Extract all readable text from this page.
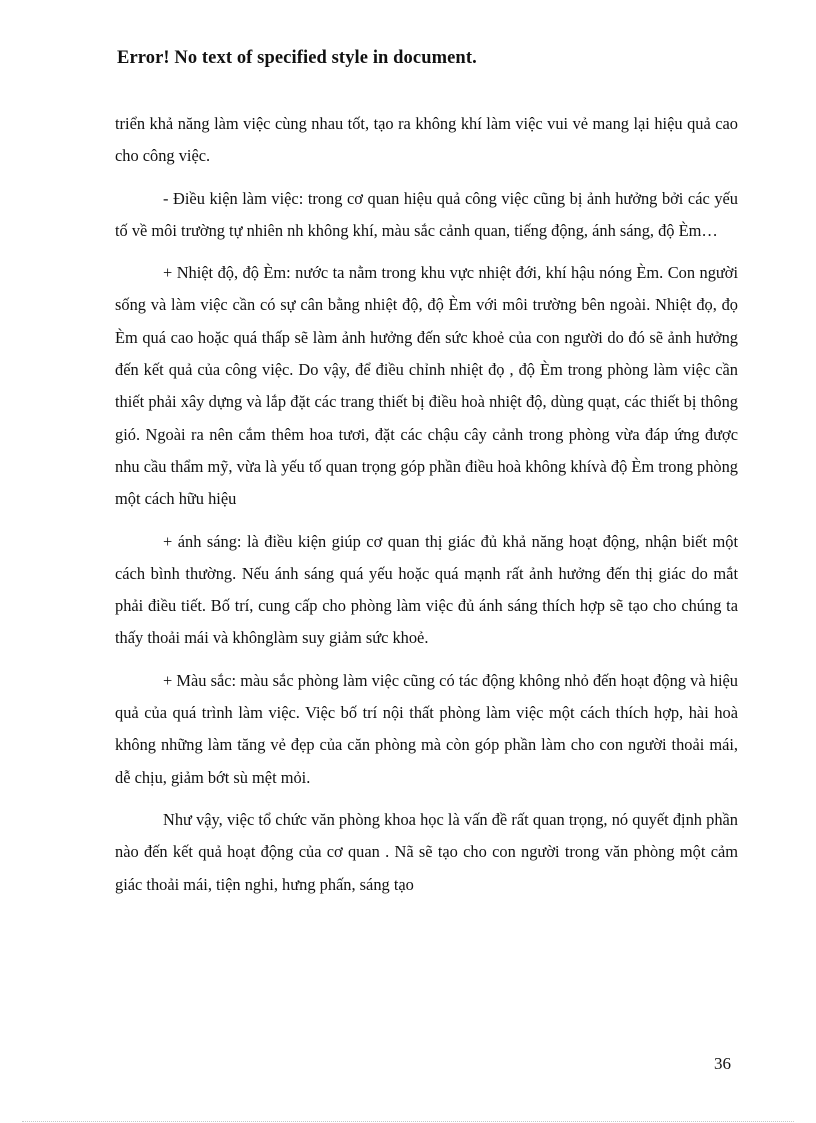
Error! No text of specified style in document.

triển khả năng làm việc cùng nhau tốt, tạo ra không khí làm việc vui vẻ mang lại hiệu quả cao cho công việc.

- Điều kiện làm việc: trong cơ quan hiệu quả công việc cũng bị ảnh hưởng bởi các yếu tố về môi trường tự nhiên nh không khí, màu sắc cảnh quan, tiếng động, ánh sáng, độ Èm…

+ Nhiệt độ, độ Èm: nước ta nằm trong khu vực nhiệt đới, khí hậu nóng Èm. Con người sống và làm việc cần có sự cân bằng nhiệt độ, độ Èm với môi trường bên ngoài. Nhiệt đọ, đọ Èm quá cao hoặc quá thấp sẽ làm ảnh hưởng đến sức khoẻ của con người do đó sẽ ảnh hưởng đến kết quả của công việc. Do vậy, để điều chỉnh nhiệt đọ , độ Èm trong phòng làm việc cần thiết phải xây dựng và lắp đặt các trang thiết bị điều hoà nhiệt độ, dùng quạt, các thiết bị thông gió. Ngoài ra nên cắm thêm hoa tươi, đặt các chậu cây cảnh trong phòng vừa đáp ứng được nhu cầu thẩm mỹ, vừa là yếu tố quan trọng góp phần điều hoà không khívà độ Èm trong phòng một cách hữu hiệu

+ ánh sáng: là điều kiện giúp cơ quan thị giác đủ khả năng hoạt động, nhận biết một cách bình thường. Nếu ánh sáng quá yếu hoặc quá mạnh rất ảnh hưởng đến thị giác do mắt phải điều tiết. Bố trí, cung cấp cho phòng làm việc đủ ánh sáng thích hợp sẽ tạo cho chúng ta thấy thoải mái và khônglàm suy giảm sức khoẻ.

+ Màu sắc: màu sắc phòng làm việc cũng có tác động không nhỏ đến hoạt động và hiệu quả của quá trình làm việc. Việc bố trí nội thất phòng làm việc một cách thích hợp, hài hoà không những làm tăng vẻ đẹp của căn phòng mà còn góp phần làm cho con người thoải mái, dễ chịu, giảm bớt sù mệt mỏi.

Như vậy, việc tổ chức văn phòng khoa học là vấn đề rất quan trọng, nó quyết định phần nào đến kết quả hoạt động của cơ quan . Nã sẽ tạo cho con người trong văn phòng một cảm giác thoải mái, tiện nghi, hưng phấn, sáng tạo

36
